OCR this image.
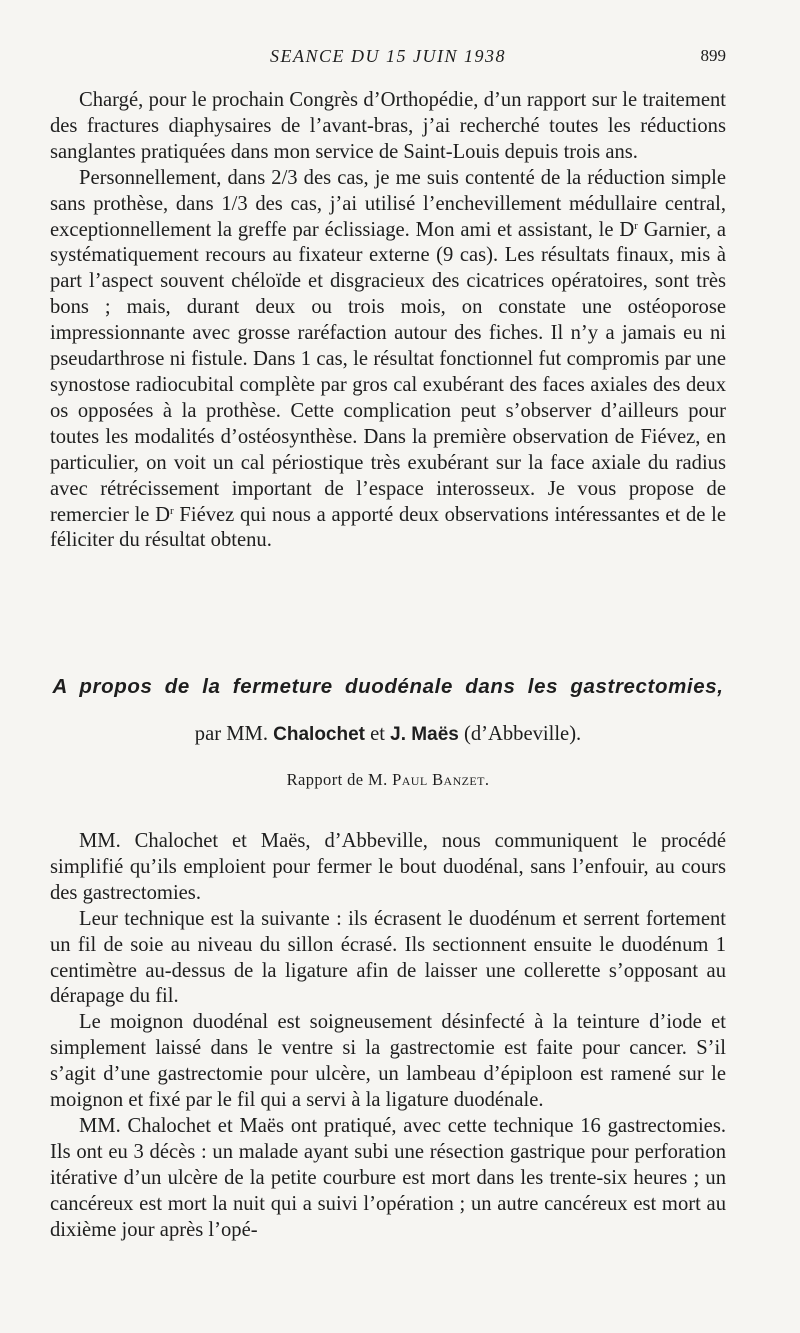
SEANCE DU 15 JUIN 1938	899

Chargé, pour le prochain Congrès d’Orthopédie, d’un rapport sur le traitement des fractures diaphysaires de l’avant-bras, j’ai recherché toutes les réductions sanglantes pratiquées dans mon service de Saint-Louis depuis trois ans.

Personnellement, dans 2/3 des cas, je me suis contenté de la réduction simple sans prothèse, dans 1/3 des cas, j’ai utilisé l’enchevillement médullaire central, exceptionnellement la greffe par éclissiage. Mon ami et assistant, le $D^r$ Garnier, a systématiquement recours au fixateur externe (9 cas). Les résultats finaux, mis à part l’aspect souvent chéloïde et disgracieux des cicatrices opératoires, sont très bons ; mais, durant deux ou trois mois, on constate une ostéoporose impressionnante avec grosse raréfaction autour des fiches. Il n’y a jamais eu ni pseudarthrose ni fistule. Dans 1 cas, le résultat fonctionnel fut compromis par une synostose radiocubital complète par gros cal exubérant des faces axiales des deux os opposées à la prothèse. Cette complication peut s’observer d’ailleurs pour toutes les modalités d’ostéosynthèse. Dans la première observation de Fiévez, en particulier, on voit un cal périostique très exubérant sur la face axiale du radius avec rétrécissement important de l’espace interosseux. Je vous propose de remercier le $D^r$ Fiévez qui nous a apporté deux observations intéressantes et de le féliciter du résultat obtenu.

A propos de la fermeture duodénale dans les gastrectomies,
par MM. Chalochet et J. Maës (d’Abbeville).
Rapport de M. Paul Banzet.

MM. Chalochet et Maës, d’Abbeville, nous communiquent le procédé simplifié qu’ils emploient pour fermer le bout duodénal, sans l’enfouir, au cours des gastrectomies.

Leur technique est la suivante : ils écrasent le duodénum et serrent fortement un fil de soie au niveau du sillon écrasé. Ils sectionnent ensuite le duodénum 1 centimètre au-dessus de la ligature afin de laisser une collerette s’opposant au dérapage du fil.

Le moignon duodénal est soigneusement désinfecté à la teinture d’iode et simplement laissé dans le ventre si la gastrectomie est faite pour cancer. S’il s’agit d’une gastrectomie pour ulcère, un lambeau d’épiploon est ramené sur le moignon et fixé par le fil qui a servi à la ligature duodénale.

MM. Chalochet et Maës ont pratiqué, avec cette technique 16 gastrectomies. Ils ont eu 3 décès : un malade ayant subi une résection gastrique pour perforation itérative d’un ulcère de la petite courbure est mort dans les trente-six heures ; un cancéreux est mort la nuit qui a suivi l’opération ; un autre cancéreux est mort au dixième jour après l’opé-
